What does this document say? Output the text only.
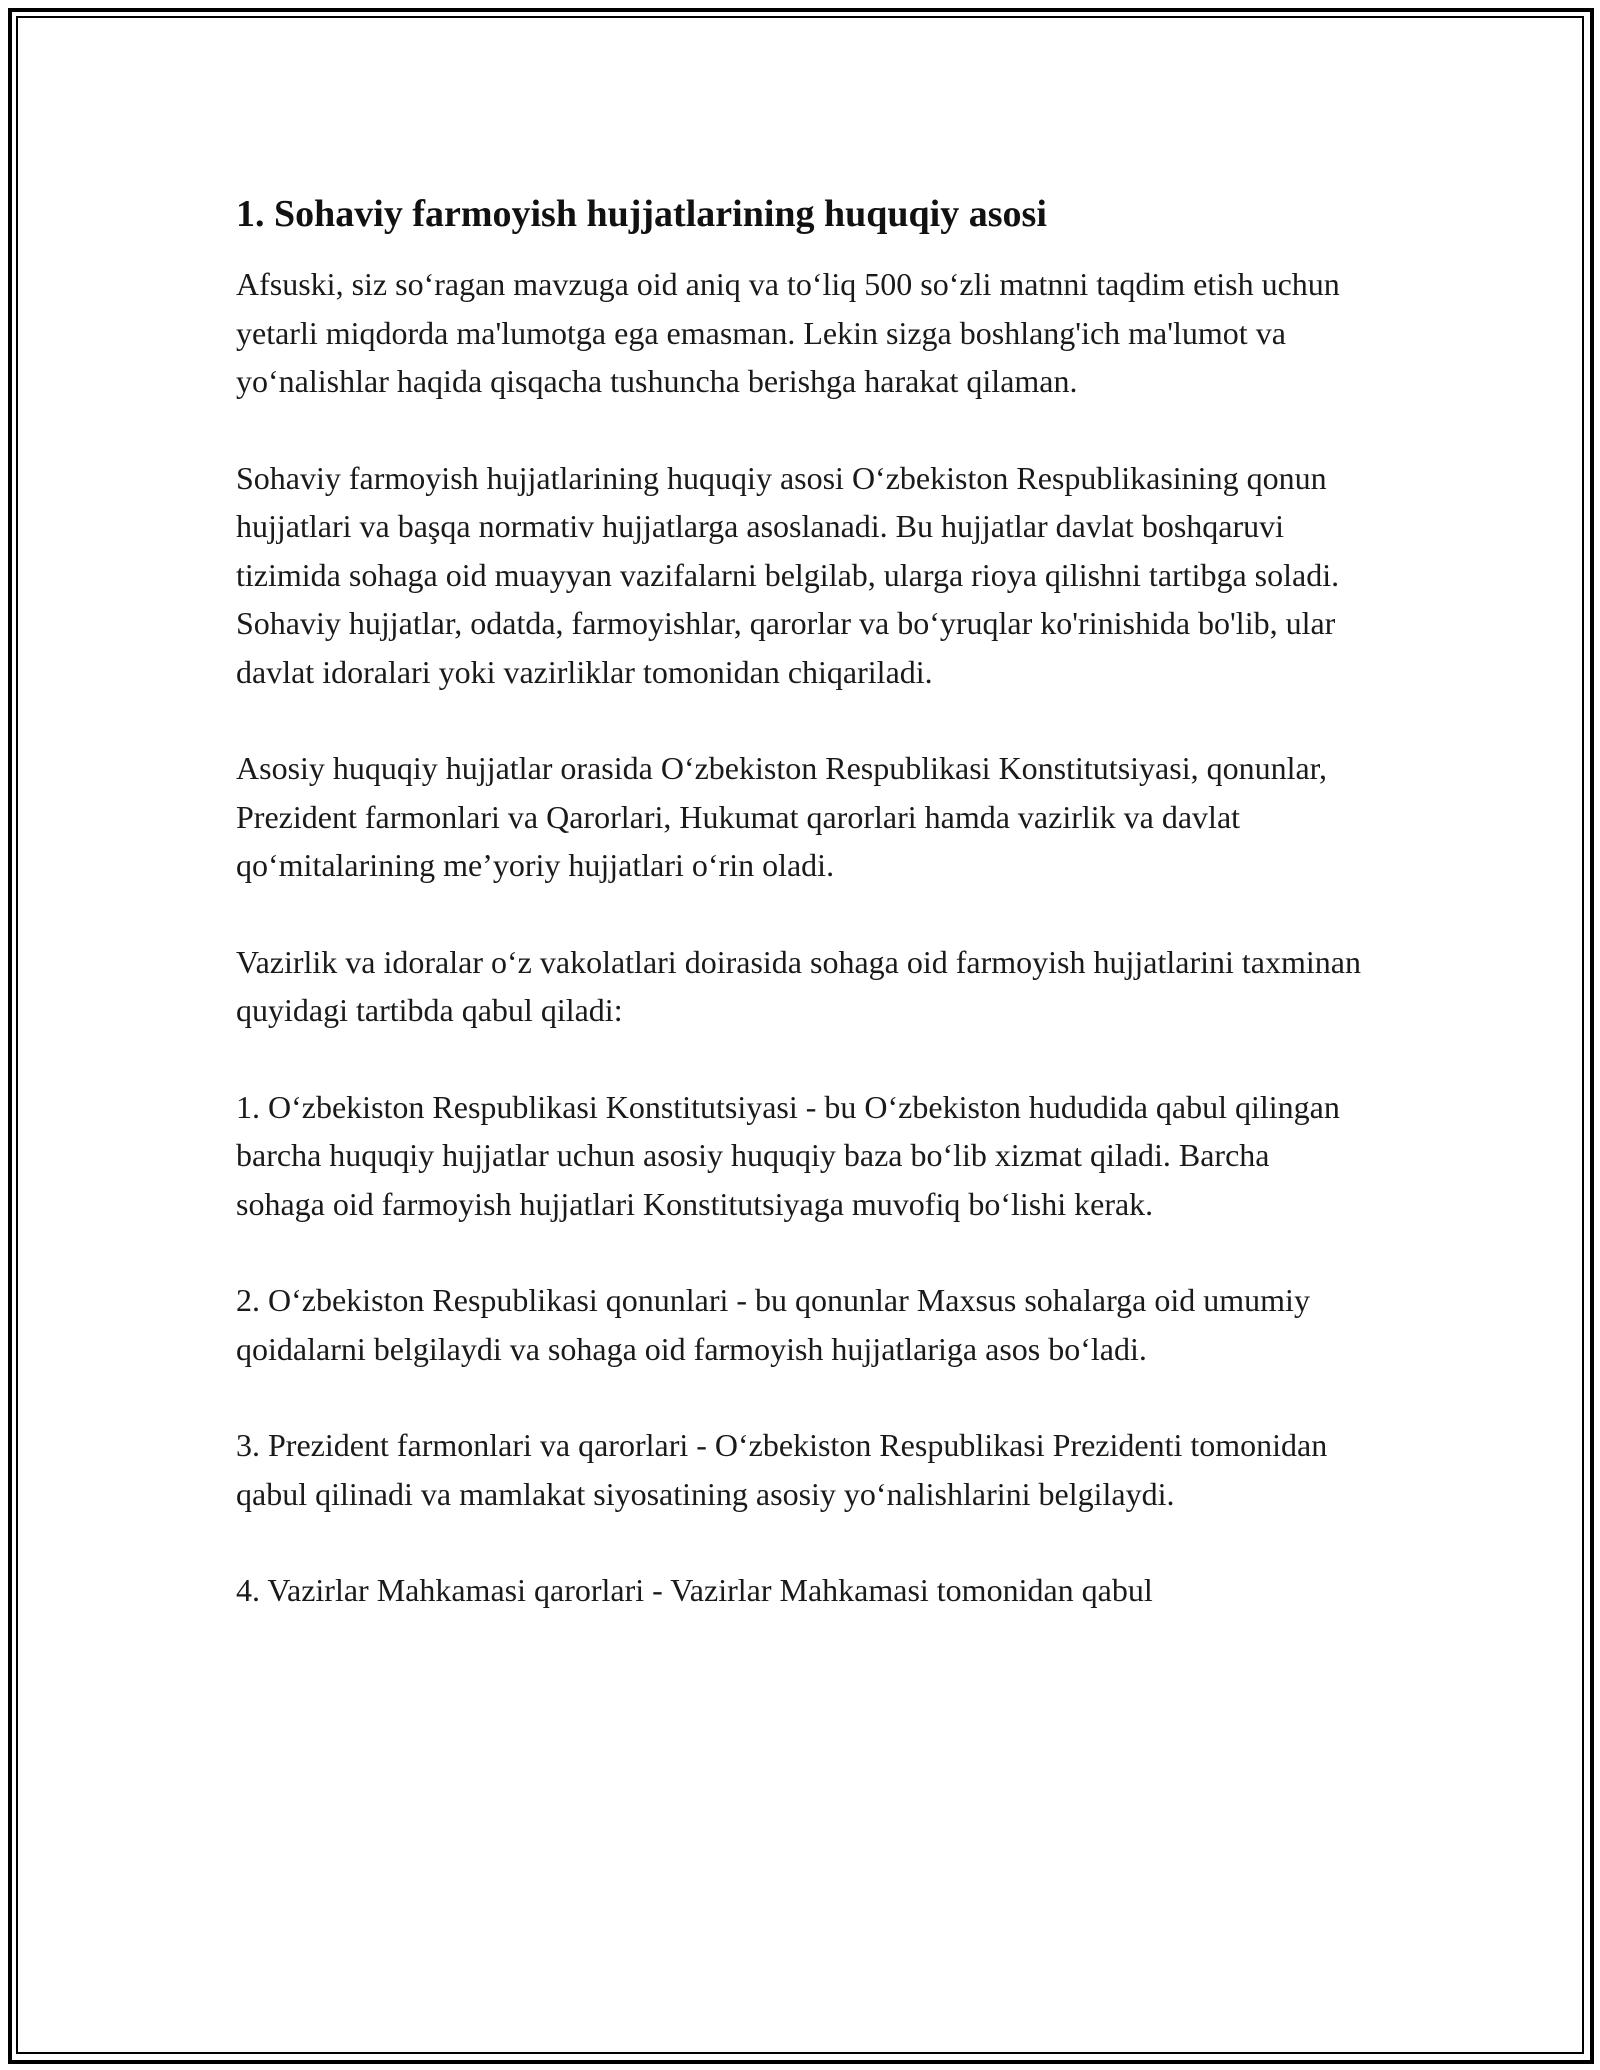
1. Sohaviy farmoyish hujjatlarining huquqiy asosi

Afsuski, siz so‘ragan mavzuga oid aniq va to‘liq 500 so‘zli matnni taqdim etish uchun yetarli miqdorda ma'lumotga ega emasman. Lekin sizga boshlang'ich ma'lumot va yo‘nalishlar haqida qisqacha tushuncha berishga harakat qilaman.

Sohaviy farmoyish hujjatlarining huquqiy asosi O‘zbekiston Respublikasining qonun hujjatlari va başqa normativ hujjatlarga asoslanadi. Bu hujjatlar davlat boshqaruvi tizimida sohaga oid muayyan vazifalarni belgilab, ularga rioya qilishni tartibga soladi. Sohaviy hujjatlar, odatda, farmoyishlar, qarorlar va bo‘yruqlar ko'rinishida bo'lib, ular davlat idoralari yoki vazirliklar tomonidan chiqariladi.

Asosiy huquqiy hujjatlar orasida O‘zbekiston Respublikasi Konstitutsiyasi, qonunlar, Prezident farmonlari va Qarorlari, Hukumat qarorlari hamda vazirlik va davlat qo‘mitalarining me’yoriy hujjatlari o‘rin oladi.

Vazirlik va idoralar o‘z vakolatlari doirasida sohaga oid farmoyish hujjatlarini taxminan quyidagi tartibda qabul qiladi:

1. O‘zbekiston Respublikasi Konstitutsiyasi - bu O‘zbekiston hududida qabul qilingan barcha huquqiy hujjatlar uchun asosiy huquqiy baza bo‘lib xizmat qiladi. Barcha sohaga oid farmoyish hujjatlari Konstitutsiyaga muvofiq bo‘lishi kerak.

2. O‘zbekiston Respublikasi qonunlari - bu qonunlar Maxsus sohalarga oid umumiy qoidalarni belgilaydi va sohaga oid farmoyish hujjatlariga asos bo‘ladi.

3. Prezident farmonlari va qarorlari - O‘zbekiston Respublikasi Prezidenti tomonidan qabul qilinadi va mamlakat siyosatining asosiy yo‘nalishlarini belgilaydi.

4. Vazirlar Mahkamasi qarorlari - Vazirlar Mahkamasi tomonidan qabul
